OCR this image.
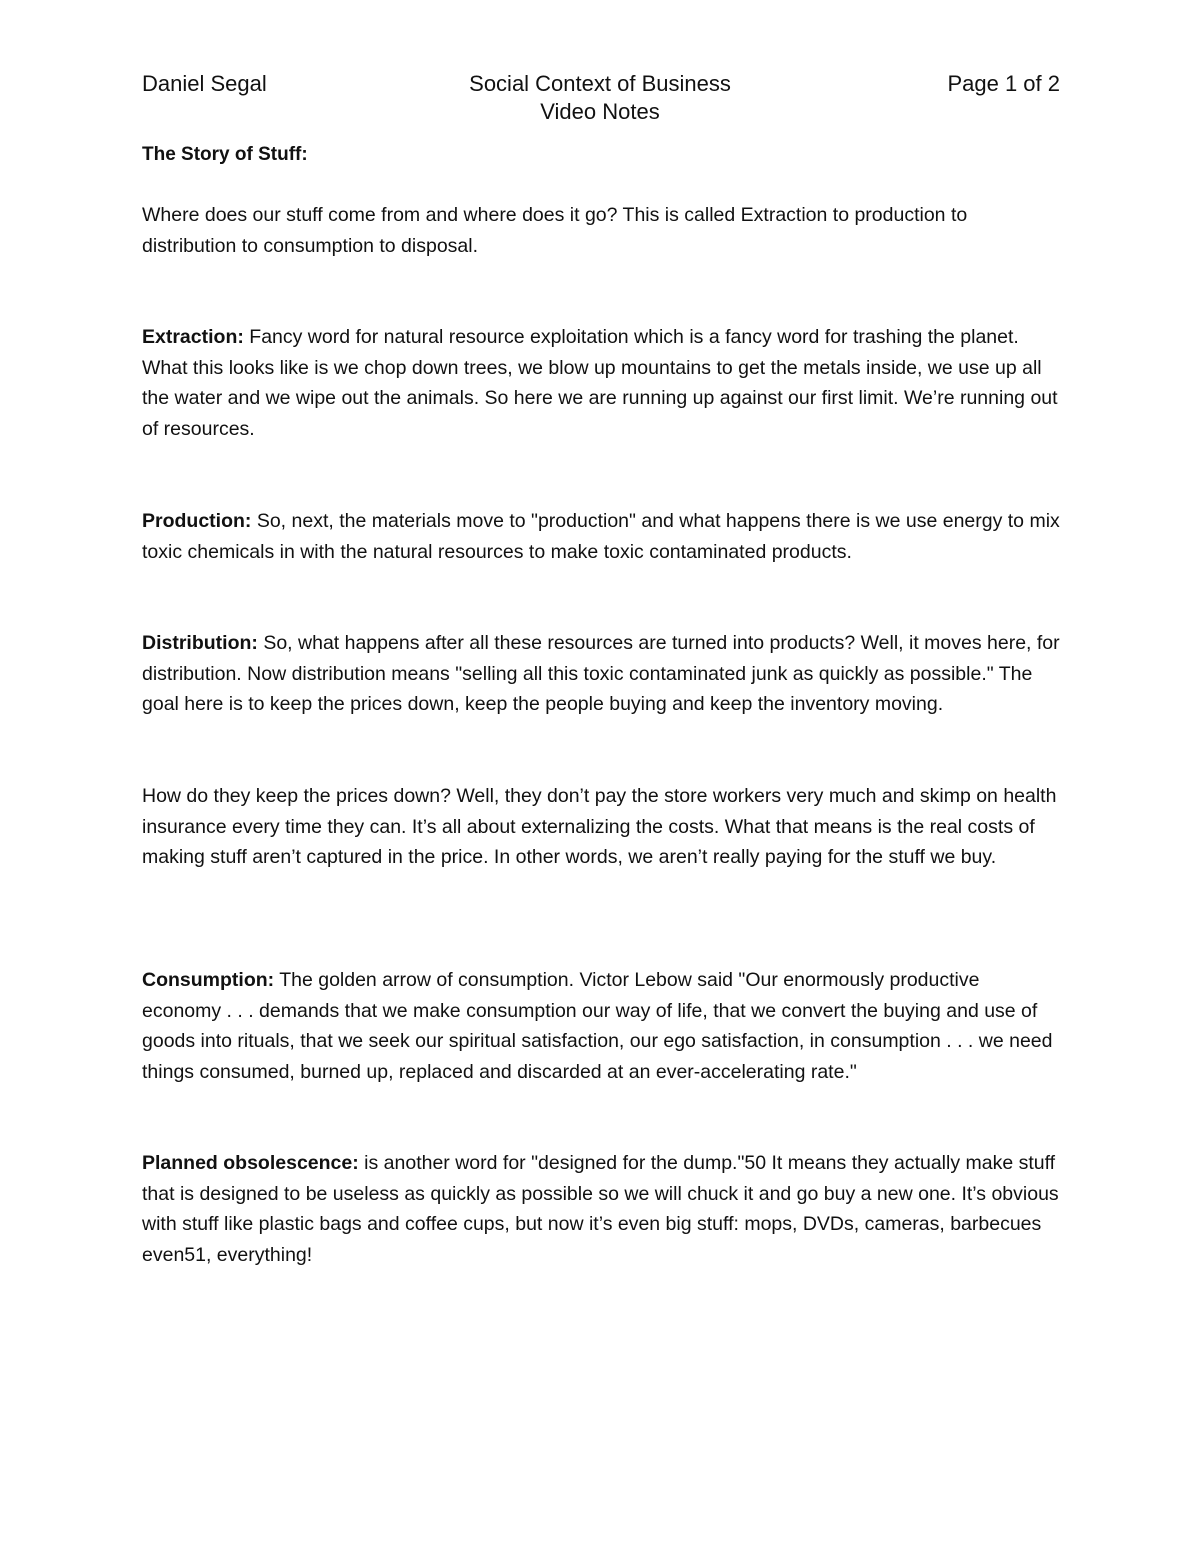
Daniel Segal	Social Context of Business
Video Notes
Page 1 of 2
The Story of Stuff:

Where does our stuff come from and where does it go? This is called Extraction to production to distribution to consumption to disposal.

Extraction: Fancy word for natural resource exploitation which is a fancy word for trashing the planet. What this looks like is we chop down trees, we blow up mountains to get the metals inside, we use up all the water and we wipe out the animals. So here we are running up against our first limit. We’re running out of resources.

Production: So, next, the materials move to "production" and what happens there is we use energy to mix toxic chemicals in with the natural resources to make toxic contaminated products.

Distribution: So, what happens after all these resources are turned into products? Well, it moves here, for distribution. Now distribution means "selling all this toxic contaminated junk as quickly as possible." The goal here is to keep the prices down, keep the people buying and keep the inventory moving.

How do they keep the prices down? Well, they don’t pay the store workers very much and skimp on health insurance every time they can. It’s all about externalizing the costs. What that means is the real costs of making stuff aren’t captured in the price. In other words, we aren’t really paying for the stuff we buy.

Consumption: The golden arrow of consumption. Victor Lebow said "Our enormously productive economy . . . demands that we make consumption our way of life, that we convert the buying and use of goods into rituals, that we seek our spiritual satisfaction, our ego satisfaction, in consumption . . . we need things consumed, burned up, replaced and discarded at an ever-accelerating rate."

Planned obsolescence: is another word for "designed for the dump."50 It means they actually make stuff that is designed to be useless as quickly as possible so we will chuck it and go buy a new one. It’s obvious with stuff like plastic bags and coffee cups, but now it’s even big stuff: mops, DVDs, cameras, barbecues even51, everything!
